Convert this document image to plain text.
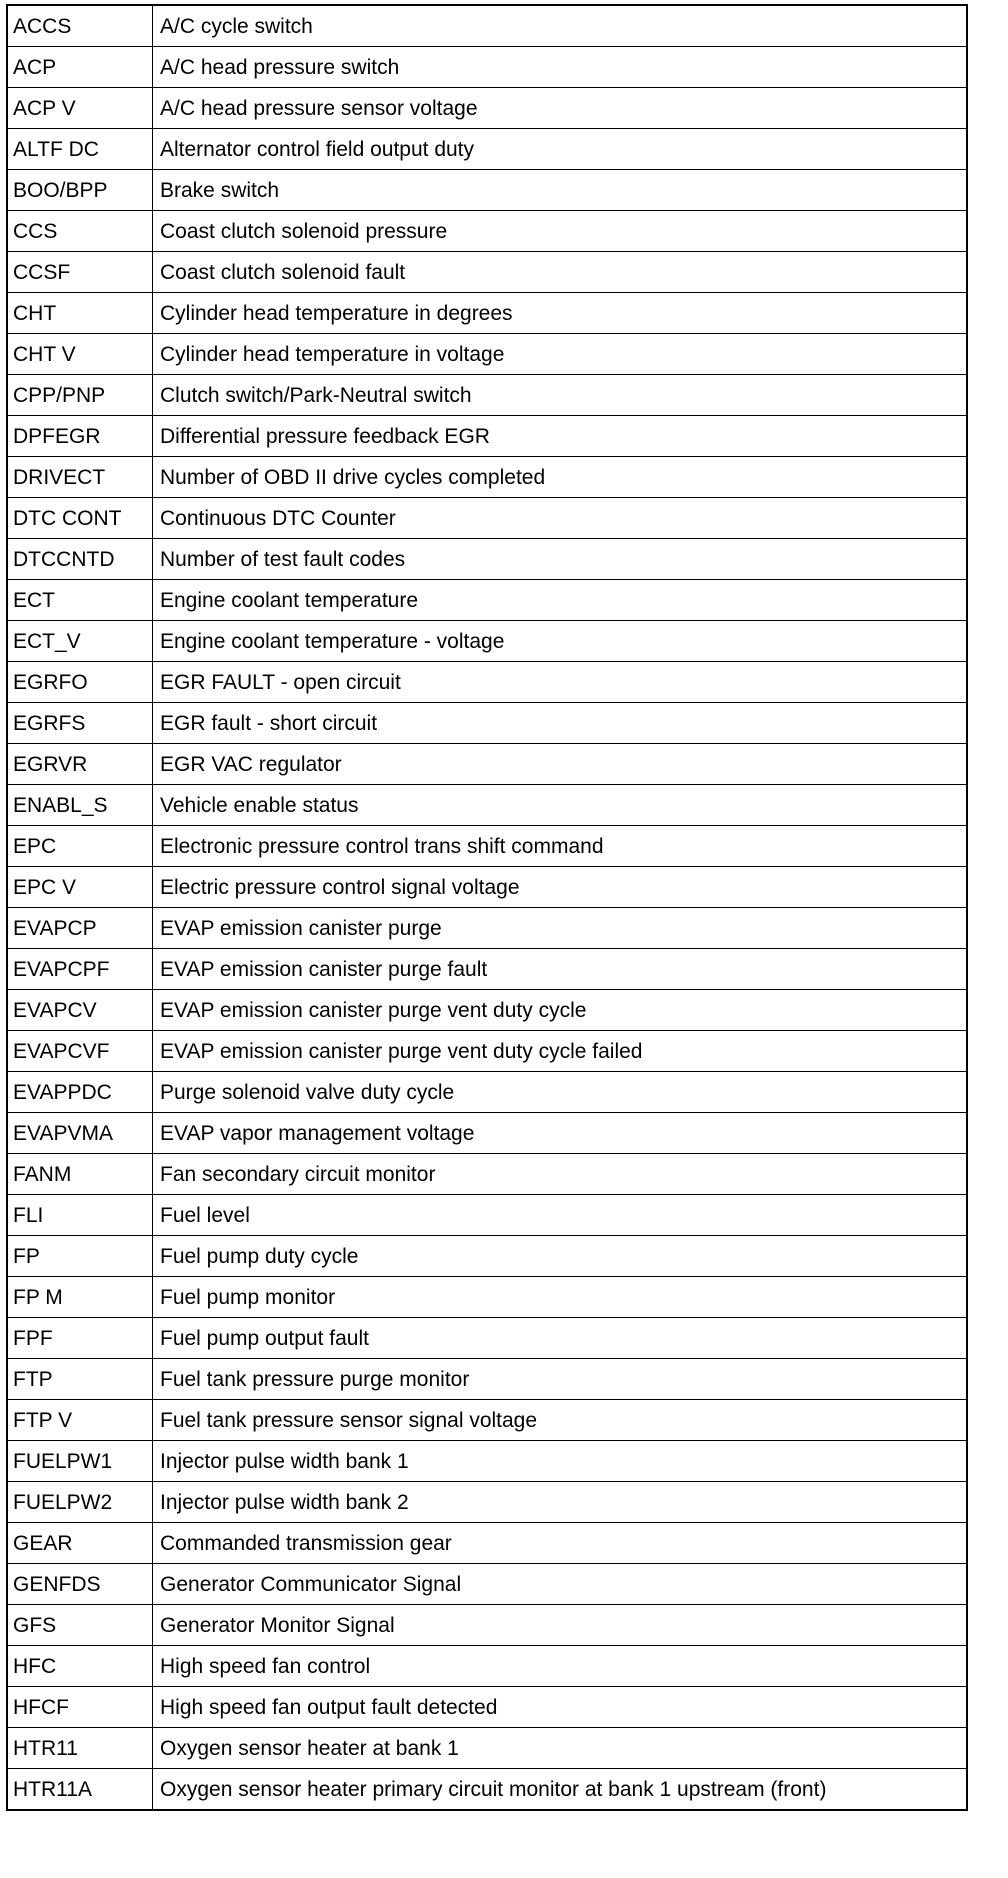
ACCS	A/C cycle switch
ACP	A/C head pressure switch
ACP V	A/C head pressure sensor voltage
ALTF DC	Alternator control field output duty
BOO/BPP	Brake switch
CCS	Coast clutch solenoid pressure
CCSF	Coast clutch solenoid fault
CHT	Cylinder head temperature in degrees
CHT V	Cylinder head temperature in voltage
CPP/PNP	Clutch switch/Park-Neutral switch
DPFEGR	Differential pressure feedback EGR
DRIVECT	Number of OBD II drive cycles completed
DTC CONT	Continuous DTC Counter
DTCCNTD	Number of test fault codes
ECT	Engine coolant temperature
ECT_V	Engine coolant temperature - voltage
EGRFO	EGR FAULT - open circuit
EGRFS	EGR fault - short circuit
EGRVR	EGR VAC regulator
ENABL_S	Vehicle enable status
EPC	Electronic pressure control trans shift command
EPC V	Electric pressure control signal voltage
EVAPCP	EVAP emission canister purge
EVAPCPF	EVAP emission canister purge fault
EVAPCV	EVAP emission canister purge vent duty cycle
EVAPCVF	EVAP emission canister purge vent duty cycle failed
EVAPPDC	Purge solenoid valve duty cycle
EVAPVMA	EVAP vapor management voltage
FANM	Fan secondary circuit monitor
FLI	Fuel level
FP	Fuel pump duty cycle
FP M	Fuel pump monitor
FPF	Fuel pump output fault
FTP	Fuel tank pressure purge monitor
FTP V	Fuel tank pressure sensor signal voltage
FUELPW1	Injector pulse width bank 1
FUELPW2	Injector pulse width bank 2
GEAR	Commanded transmission gear
GENFDS	Generator Communicator Signal
GFS	Generator Monitor Signal
HFC	High speed fan control
HFCF	High speed fan output fault detected
HTR11	Oxygen sensor heater at bank 1
HTR11A	Oxygen sensor heater primary circuit monitor at bank 1 upstream (front)
